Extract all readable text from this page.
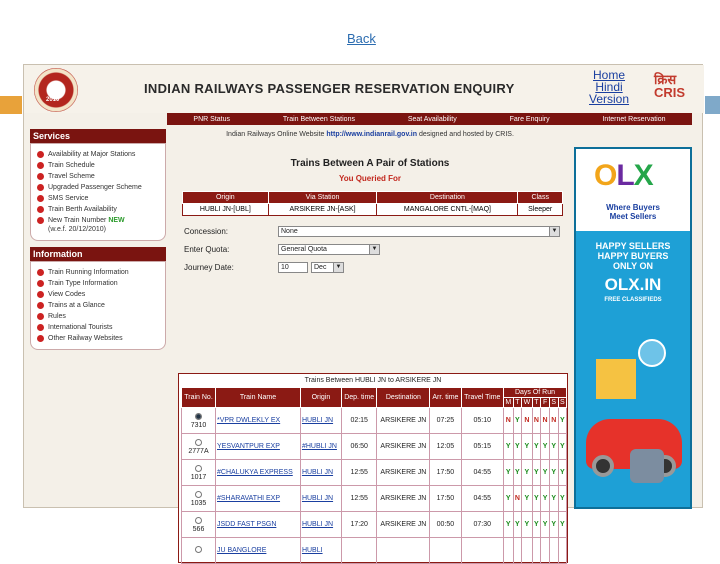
Back
2010
INDIAN RAILWAYS PASSENGER RESERVATION ENQUIRY
Home
Hindi
Version
क्रिस
CRIS
PNR Status	Train Between Stations	Seat Availability	Fare Enquiry	Internet Reservation
Services
Availability at Major Stations
Train Schedule
Travel Scheme
Upgraded Passenger Scheme
SMS Service
Train Berth Availability
New Train Number NEW
(w.e.f. 20/12/2010)
Information
Train Running Information
Train Type Information
View Codes
Trains at a Glance
Rules
International Tourists
Other Railway Websites
Indian Railways Online Website http://www.indianrail.gov.in designed and hosted by CRIS.
Trains Between A Pair of Stations
You Queried For
Origin	Via Station	Destination	Class
HUBLI JN-[UBL]	ARSIKERE JN-[ASK]	MANGALORE CNTL-[MAQ]	Sleeper
Concession:	None	▼
Enter Quota:	General Quota	▼
Journey Date:	10	Dec	▼
Trains Between HUBLI JN to ARSIKERE JN
Train No.	Train Name	Origin	Dep. time	Destination	Arr. time	Travel Time	Days Of Run						
							M	T	W	T	F	S	S

7310	*VPR DWLEKLY EX	HUBLI JN	02:15	ARSIKERE JN	07:25	05:10	N	Y	N	N	N	N	Y

2777A	YESVANTPUR EXP	#HUBLI JN	06:50	ARSIKERE JN	12:05	05:15	Y	Y	Y	Y	Y	Y	Y

1017	#CHALUKYA EXPRESS	HUBLI JN	12:55	ARSIKERE JN	17:50	04:55	Y	Y	Y	Y	Y	Y	Y

1035	#SHARAVATHI EXP	HUBLI JN	12:55	ARSIKERE JN	17:50	04:55	Y	N	Y	Y	Y	Y	Y

566	JSDD FAST PSGN	HUBLI JN	17:20	ARSIKERE JN	00:50	07:30	Y	Y	Y	Y	Y	Y	Y

	JU BANGLORE	HUBLI											
OLX
Where Buyers
Meet Sellers
HAPPY SELLERS
HAPPY BUYERS
ONLY ON
OLX.IN
FREE CLASSIFIEDS
